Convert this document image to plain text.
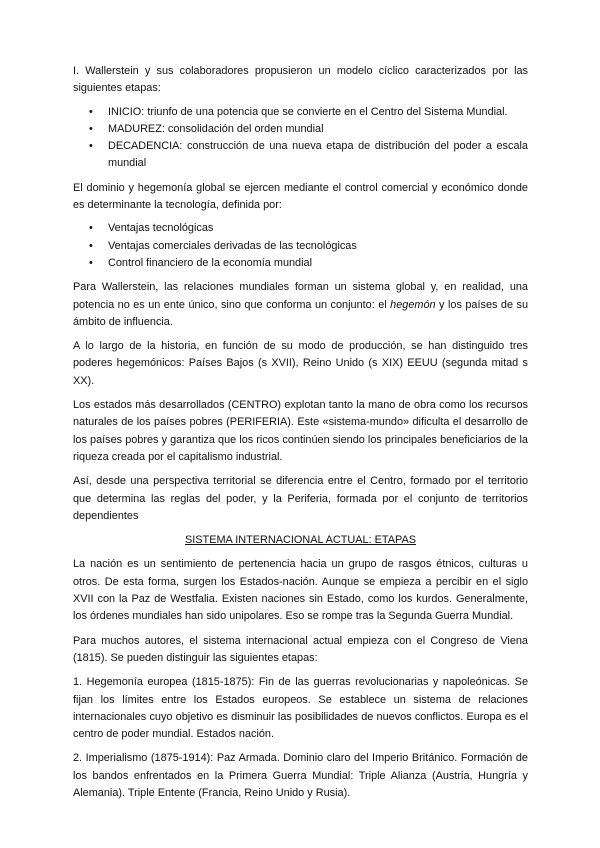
I. Wallerstein y sus colaboradores propusieron un modelo cíclico caracterizados por las siguientes etapas:

• INICIO: triunfo de una potencia que se convierte en el Centro del Sistema Mundial.
• MADUREZ: consolidación del orden mundial
• DECADENCIA: construcción de una nueva etapa de distribución del poder a escala mundial

El dominio y hegemonía global se ejercen mediante el control comercial y económico donde es determinante la tecnología, definida por:

• Ventajas tecnológicas
• Ventajas comerciales derivadas de las tecnológicas
• Control financiero de la economía mundial

Para Wallerstein, las relaciones mundiales forman un sistema global y, en realidad, una potencia no es un ente único, sino que conforma un conjunto: el hegemón y los países de su ámbito de influencia.

A lo largo de la historia, en función de su modo de producción, se han distinguido tres poderes hegemónicos: Países Bajos (s XVII), Reino Unido (s XIX) EEUU (segunda mitad s XX).

Los estados más desarrollados (CENTRO) explotan tanto la mano de obra como los recursos naturales de los países pobres (PERIFERIA). Este «sistema-mundo» dificulta el desarrollo de los países pobres y garantiza que los ricos continúen siendo los principales beneficiarios de la riqueza creada por el capitalismo industrial.

Así, desde una perspectiva territorial se diferencia entre el Centro, formado por el territorio que determina las reglas del poder, y la Periferia, formada por el conjunto de territorios dependientes

SISTEMA INTERNACIONAL ACTUAL: ETAPAS

La nación es un sentimiento de pertenencia hacia un grupo de rasgos étnicos, culturas u otros. De esta forma, surgen los Estados-nación. Aunque se empieza a percibir en el siglo XVII con la Paz de Westfalia. Existen naciones sin Estado, como los kurdos. Generalmente, los órdenes mundiales han sido unipolares. Eso se rompe tras la Segunda Guerra Mundial.

Para muchos autores, el sistema internacional actual empieza con el Congreso de Viena (1815). Se pueden distinguir las siguientes etapas:

1. Hegemonía europea (1815-1875): Fin de las guerras revolucionarias y napoleónicas. Se fijan los límites entre los Estados europeos. Se establece un sistema de relaciones internacionales cuyo objetivo es disminuir las posibilidades de nuevos conflictos. Europa es el centro de poder mundial. Estados nación.

2. Imperialismo (1875-1914): Paz Armada. Dominio claro del Imperio Británico. Formación de los bandos enfrentados en la Primera Guerra Mundial: Triple Alianza (Austria, Hungría y Alemania). Triple Entente (Francia, Reino Unido y Rusia).
